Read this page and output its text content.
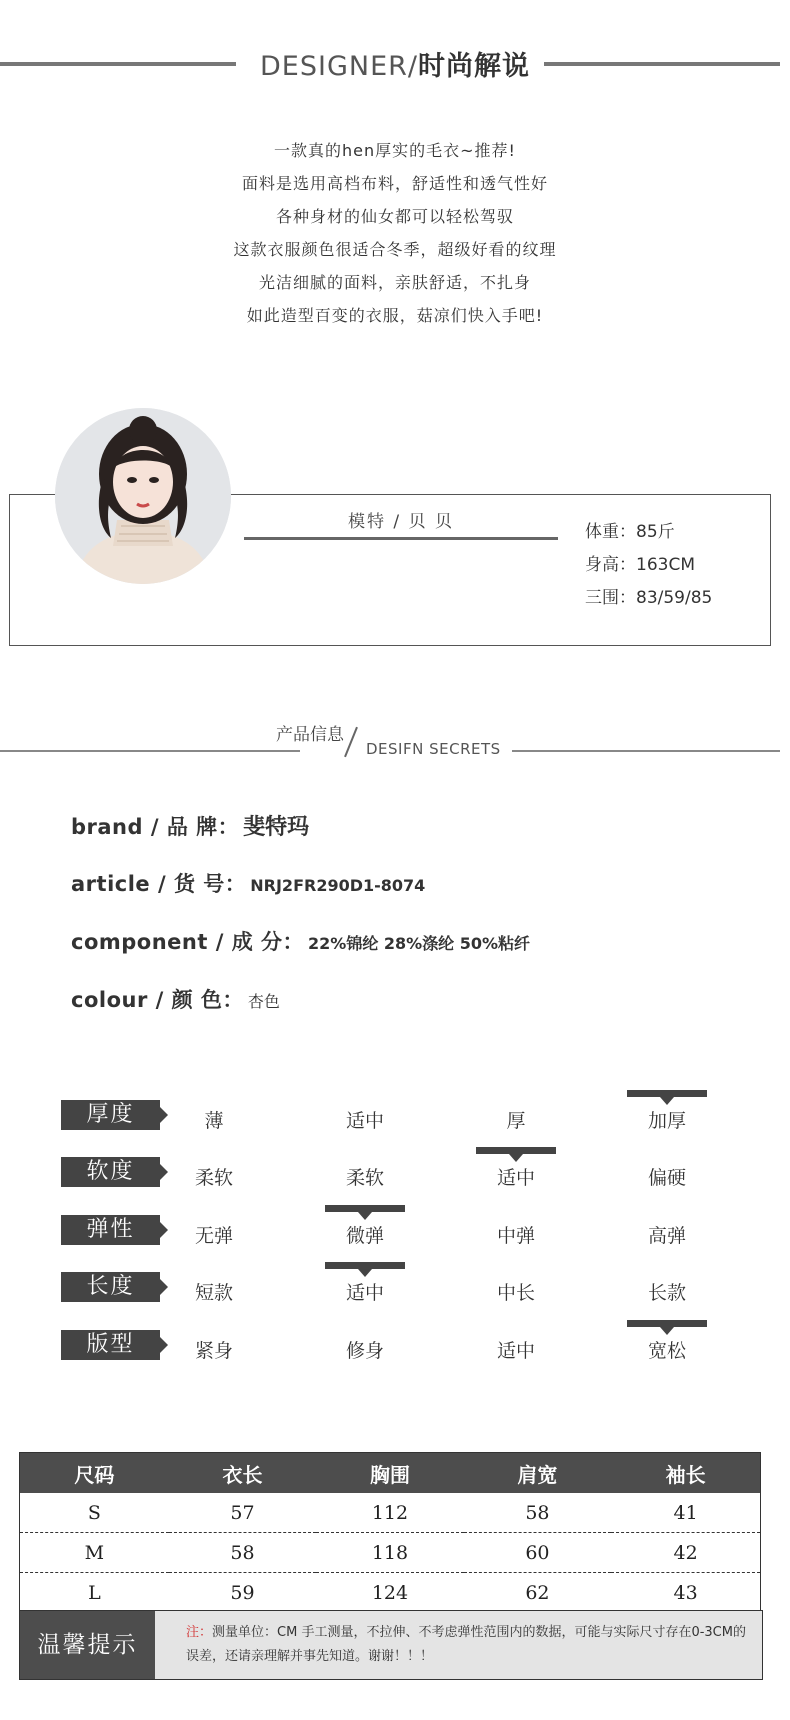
DESIGNER/时尚解说
一款真的hen厚实的毛衣~推荐!
面料是选用高档布料，舒适性和透气性好
各种身材的仙女都可以轻松驾驭
这款衣服颜色很适合冬季，超级好看的纹理
光洁细腻的面料，亲肤舒适，不扎身
如此造型百变的衣服，菇凉们快入手吧!
模特 / 贝 贝	体重：85斤
身高：163CM
三围：83/59/85
产品信息
DESIFN SECRETS
brand / 品 牌： 斐特玛
article / 货 号： NRJ2FR290D1-8074
component / 成 分： 22%锦纶 28%涤纶 50%粘纤
colour / 颜 色： 杏色
厚度	薄	适中	厚	加厚
软度	柔软	柔软	适中	偏硬
弹性	无弹	微弹	中弹	高弹
长度	短款	适中	中长	长款
版型	紧身	修身	适中	宽松
尺码	衣长	胸围	肩宽	袖长
S	57	112	58	41
M	58	118	60	42
L	59	124	62	43
温馨提示	注：测量单位：CM 手工测量，不拉伸、不考虑弹性范围内的数据，可能与实际尺寸存在0-3CM的误差，还请亲理解并事先知道。谢谢！！！
